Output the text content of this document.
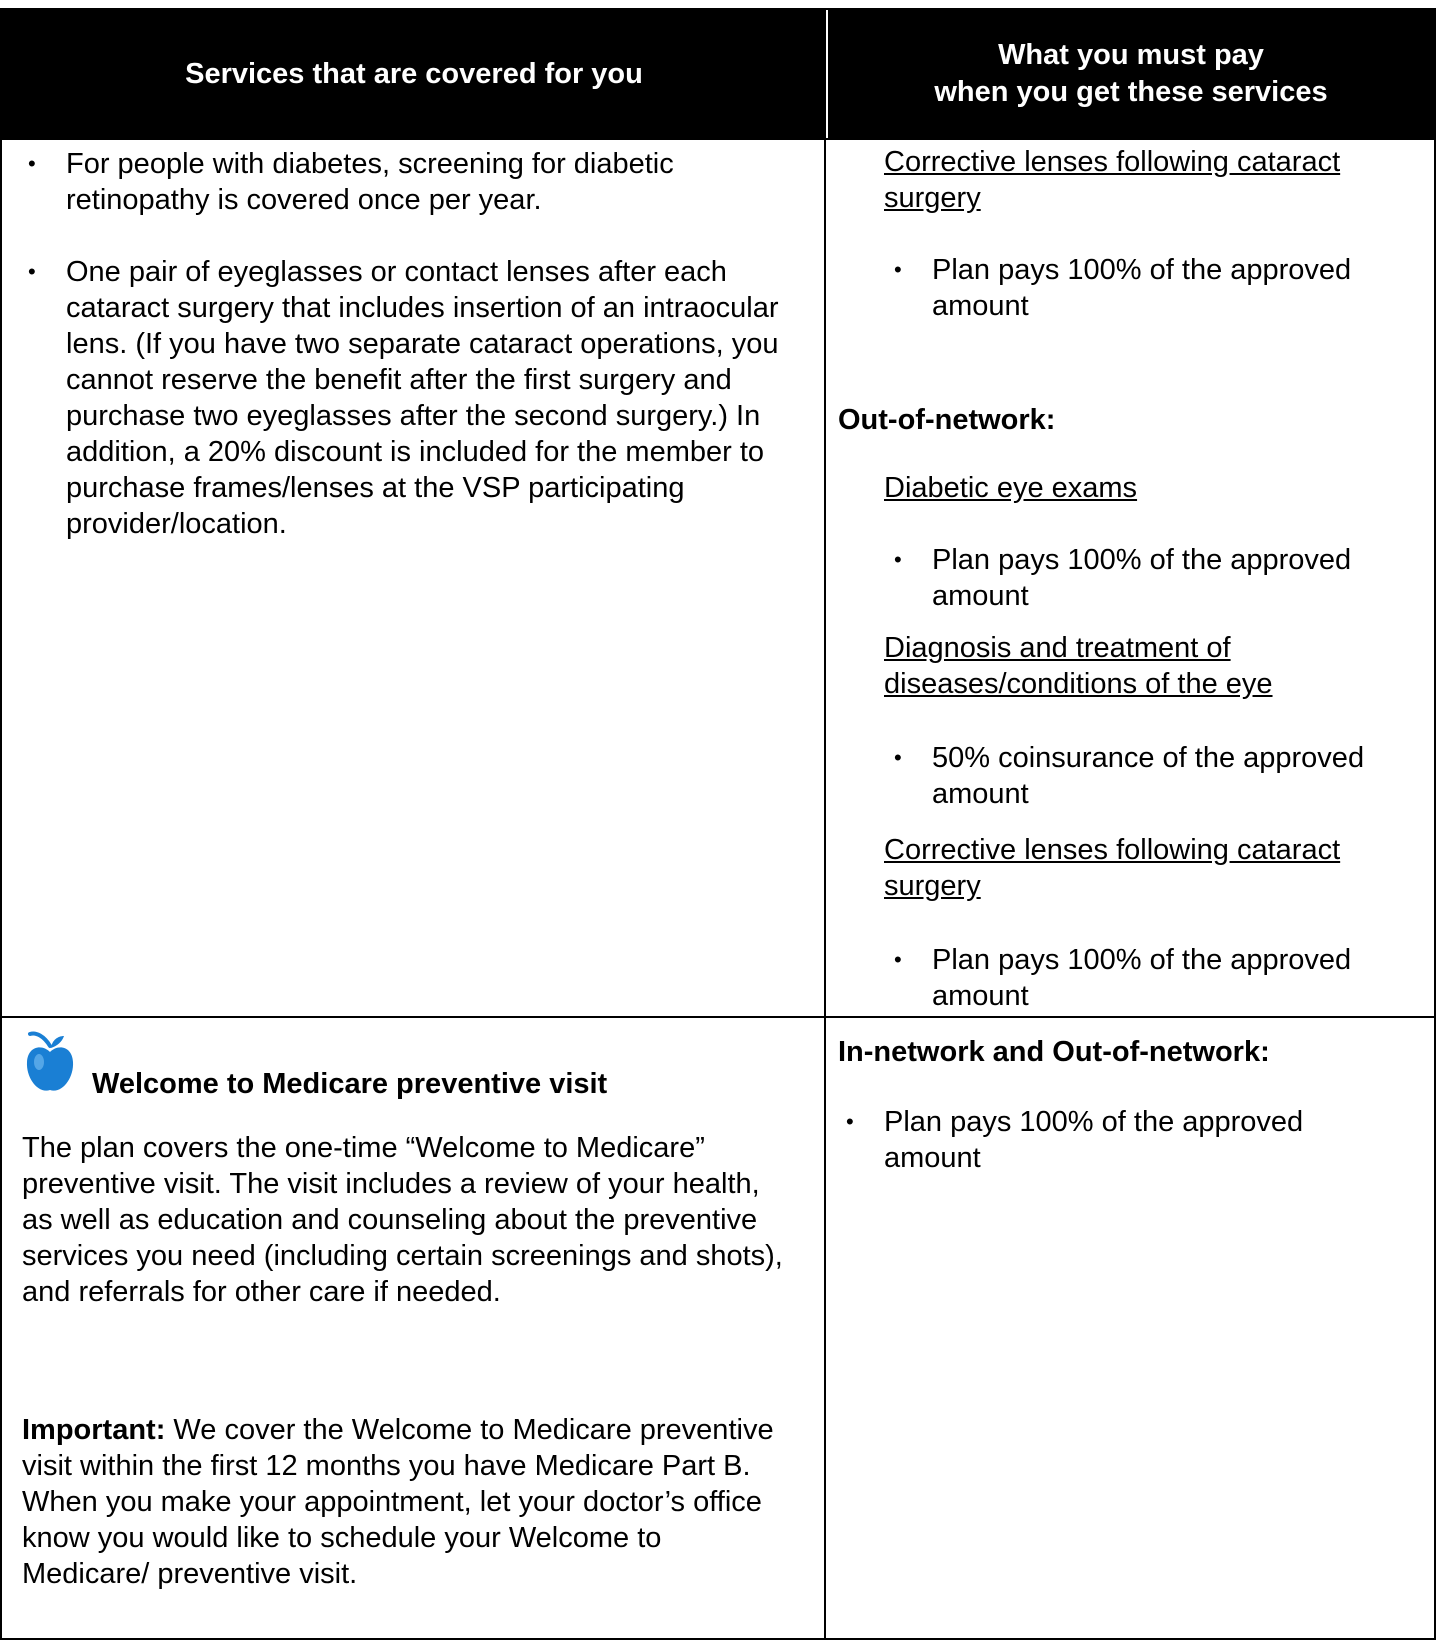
Services that are covered for you
What you must pay
when you get these services
• For people with diabetes, screening for diabetic retinopathy is covered once per year.
• One pair of eyeglasses or contact lenses after each cataract surgery that includes insertion of an intraocular lens. (If you have two separate cataract operations, you cannot reserve the benefit after the first surgery and purchase two eyeglasses after the second surgery.) In addition, a 20% discount is included for the member to purchase frames/lenses at the VSP participating provider/location.
Corrective lenses following cataract surgery
• Plan pays 100% of the approved amount
Out-of-network:
Diabetic eye exams
• Plan pays 100% of the approved amount
Diagnosis and treatment of diseases/conditions of the eye
• 50% coinsurance of the approved amount
Corrective lenses following cataract surgery
• Plan pays 100% of the approved amount
Welcome to Medicare preventive visit
The plan covers the one-time “Welcome to Medicare” preventive visit. The visit includes a review of your health, as well as education and counseling about the preventive services you need (including certain screenings and shots), and referrals for other care if needed.
Important: We cover the Welcome to Medicare preventive visit within the first 12 months you have Medicare Part B. When you make your appointment, let your doctor’s office know you would like to schedule your Welcome to Medicare/ preventive visit.
In-network and Out-of-network:
• Plan pays 100% of the approved amount
